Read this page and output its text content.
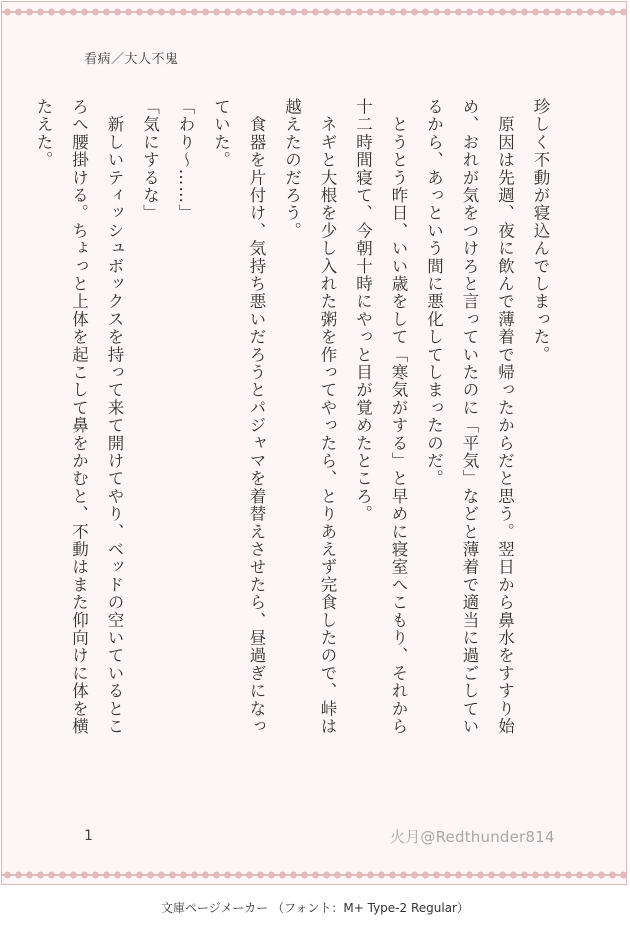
看病／大人不鬼

珍しく不動が寝込んでしまった。

　原因は先週、夜に飲んで薄着で帰ったからだと思う。翌日から鼻水をすすり始

め、おれが気をつけろと言っていたのに「平気」などと薄着で適当に過ごしてい

るから、あっという間に悪化してしまったのだ。

　とうとう昨日、いい歳をして「寒気がする」と早めに寝室へこもり、それから

十二時間寝て、今朝十時にやっと目が覚めたところ。

　ネギと大根を少し入れた粥を作ってやったら、とりあえず完食したので、峠は

越えたのだろう。

　食器を片付け、気持ち悪いだろうとパジャマを着替えさせたら、昼過ぎになっ

ていた。

「わり～……」

「気にするな」

　新しいティッシュボックスを持って来て開けてやり、ベッドの空いているとこ

ろへ腰掛ける。ちょっと上体を起こして鼻をかむと、不動はまた仰向けに体を横

たえた。

1	火月@Redthunder814
文庫ページメーカー （フォント：M+ Type-2 Regular）
